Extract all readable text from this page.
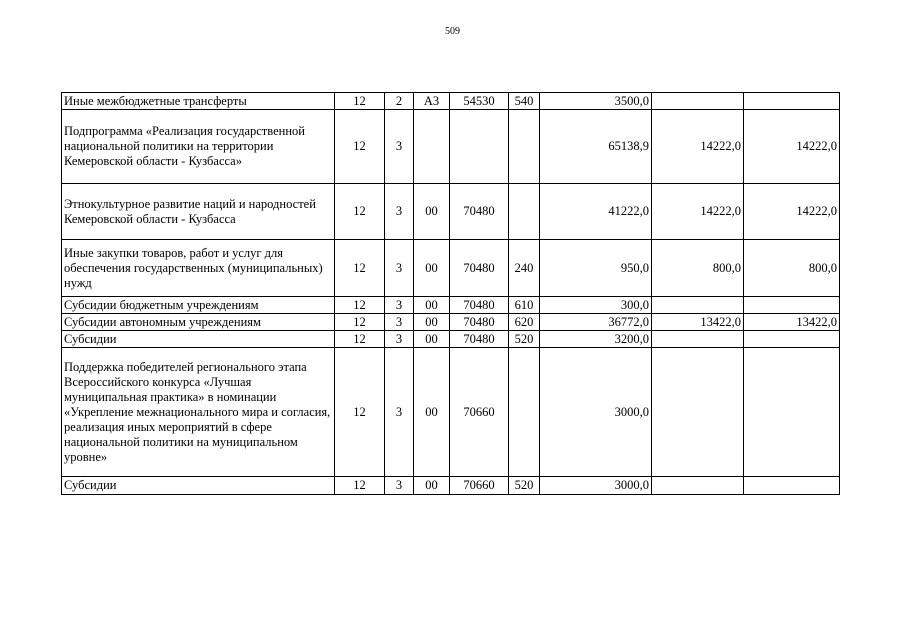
509
Иные межбюджетные трансферты	12	2	А3	54530	540	3500,0		
Подпрограмма «Реализация государственной национальной политики на территории Кемеровской области - Кузбасса»	12	3				65138,9	14222,0	14222,0
Этнокультурное развитие наций и народностей Кемеровской области - Кузбасса	12	3	00	70480		41222,0	14222,0	14222,0
Иные закупки товаров, работ и услуг для обеспечения государственных (муниципальных) нужд	12	3	00	70480	240	950,0	800,0	800,0
Субсидии бюджетным учреждениям	12	3	00	70480	610	300,0		
Субсидии автономным учреждениям	12	3	00	70480	620	36772,0	13422,0	13422,0
Субсидии	12	3	00	70480	520	3200,0		
Поддержка победителей регионального этапа Всероссийского конкурса «Лучшая муниципальная практика» в номинации «Укрепление межнационального мира и согласия, реализация иных мероприятий в сфере национальной политики на муниципальном уровне»	12	3	00	70660		3000,0		
Субсидии	12	3	00	70660	520	3000,0		
